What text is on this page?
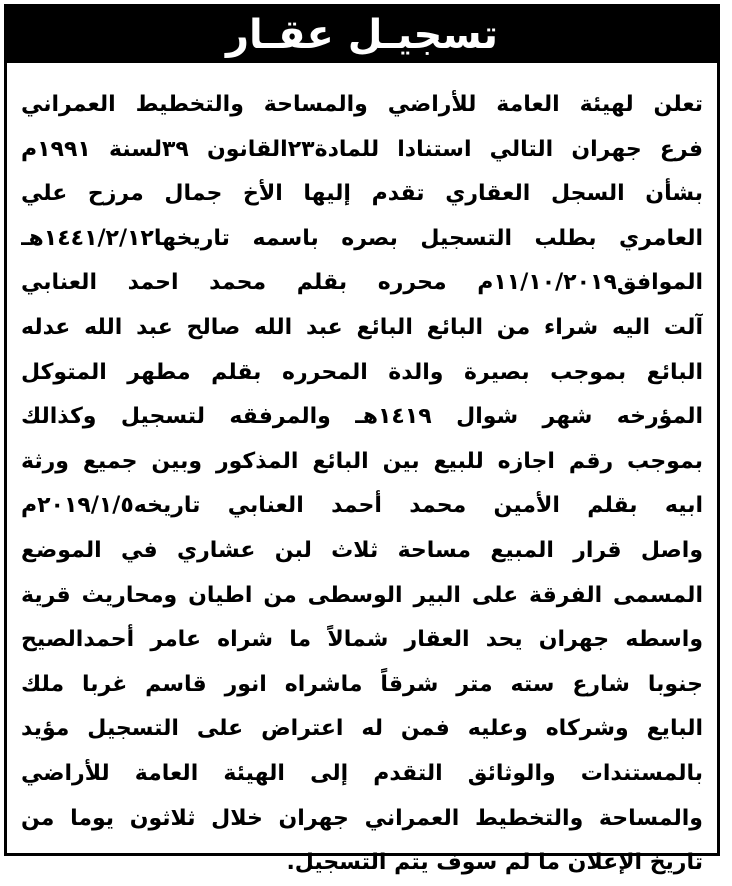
تسجيـل عقـار
تعلن لهيئة العامة للأراضي والمساحة والتخطيط العمراني
فرع جهران التالي استنادا للمادة٢٣القانون ٣٩لسنة ١٩٩١م
بشأن السجل العقاري تقدم إليها الأخ جمال مرزح علي
العامري بطلب التسجيل بصره باسمه تاريخها١٤٤١/٢/١٢هـ
الموافق١١/١٠/٢٠١٩م محرره بقلم محمد احمد العنابي
آلت اليه شراء من البائع البائع عبد الله صالح عبد الله عدله
البائع بموجب بصيرة والدة المحرره بقلم مطهر المتوكل
المؤرخه شهر شوال ١٤١٩هـ والمرفقه لتسجيل وكذالك
بموجب رقم اجازه للبيع بين البائع المذكور وبين جميع ورثة
ابيه بقلم الأمين محمد أحمد العنابي تاريخه٢٠١٩/١/٥م
واصل قرار المبيع مساحة ثلاث لبن عشاري في الموضع
المسمى الفرقة على البير الوسطى من اطيان ومحاريث قرية
واسطه جهران يحد العقار شمالاً ما شراه عامر أحمدالصيح
جنوبا شارع سته متر شرقاً ماشراه انور قاسم غربا ملك
البايع وشركاه وعليه فمن له اعتراض على التسجيل مؤيد
بالمستندات والوثائق التقدم إلى الهيئة العامة للأراضي
والمساحة والتخطيط العمراني جهران خلال ثلاثون يوما من
تاريخ الإعلان ما لم سوف يتم التسجيل.
